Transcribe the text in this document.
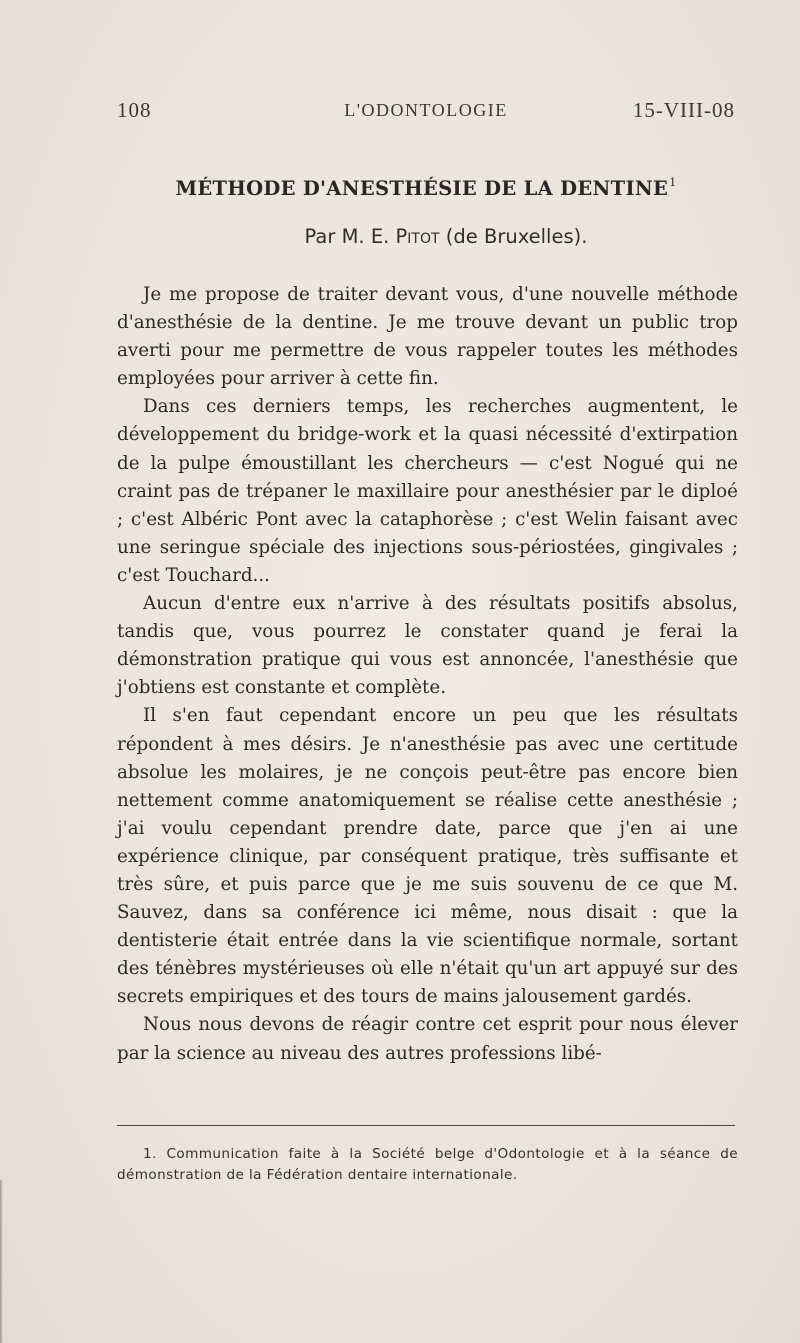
108	L'ODONTOLOGIE	15-VIII-08
MÉTHODE D'ANESTHÉSIE DE LA DENTINE$^1$
Par M. E. Pitot (de Bruxelles).

Je me propose de traiter devant vous, d'une nouvelle méthode d'anesthésie de la dentine. Je me trouve devant un public trop averti pour me permettre de vous rappeler toutes les méthodes employées pour arriver à cette fin.

Dans ces derniers temps, les recherches augmentent, le développement du bridge-work et la quasi nécessité d'extirpation de la pulpe émoustillant les chercheurs — c'est Nogué qui ne craint pas de trépaner le maxillaire pour anesthésier par le diploé ; c'est Albéric Pont avec la cataphorèse ; c'est Welin faisant avec une seringue spéciale des injections sous-périostées, gingivales ; c'est Touchard...

Aucun d'entre eux n'arrive à des résultats positifs absolus, tandis que, vous pourrez le constater quand je ferai la démonstration pratique qui vous est annoncée, l'anesthésie que j'obtiens est constante et complète.

Il s'en faut cependant encore un peu que les résultats répondent à mes désirs. Je n'anesthésie pas avec une certitude absolue les molaires, je ne conçois peut-être pas encore bien nettement comme anatomiquement se réalise cette anesthésie ; j'ai voulu cependant prendre date, parce que j'en ai une expérience clinique, par conséquent pratique, très suffisante et très sûre, et puis parce que je me suis souvenu de ce que M. Sauvez, dans sa conférence ici même, nous disait : que la dentisterie était entrée dans la vie scientifique normale, sortant des ténèbres mystérieuses où elle n'était qu'un art appuyé sur des secrets empiriques et des tours de mains jalousement gardés.

Nous nous devons de réagir contre cet esprit pour nous élever par la science au niveau des autres professions libé-

1. Communication faite à la Société belge d'Odontologie et à la séance de démonstration de la Fédération dentaire internationale.
